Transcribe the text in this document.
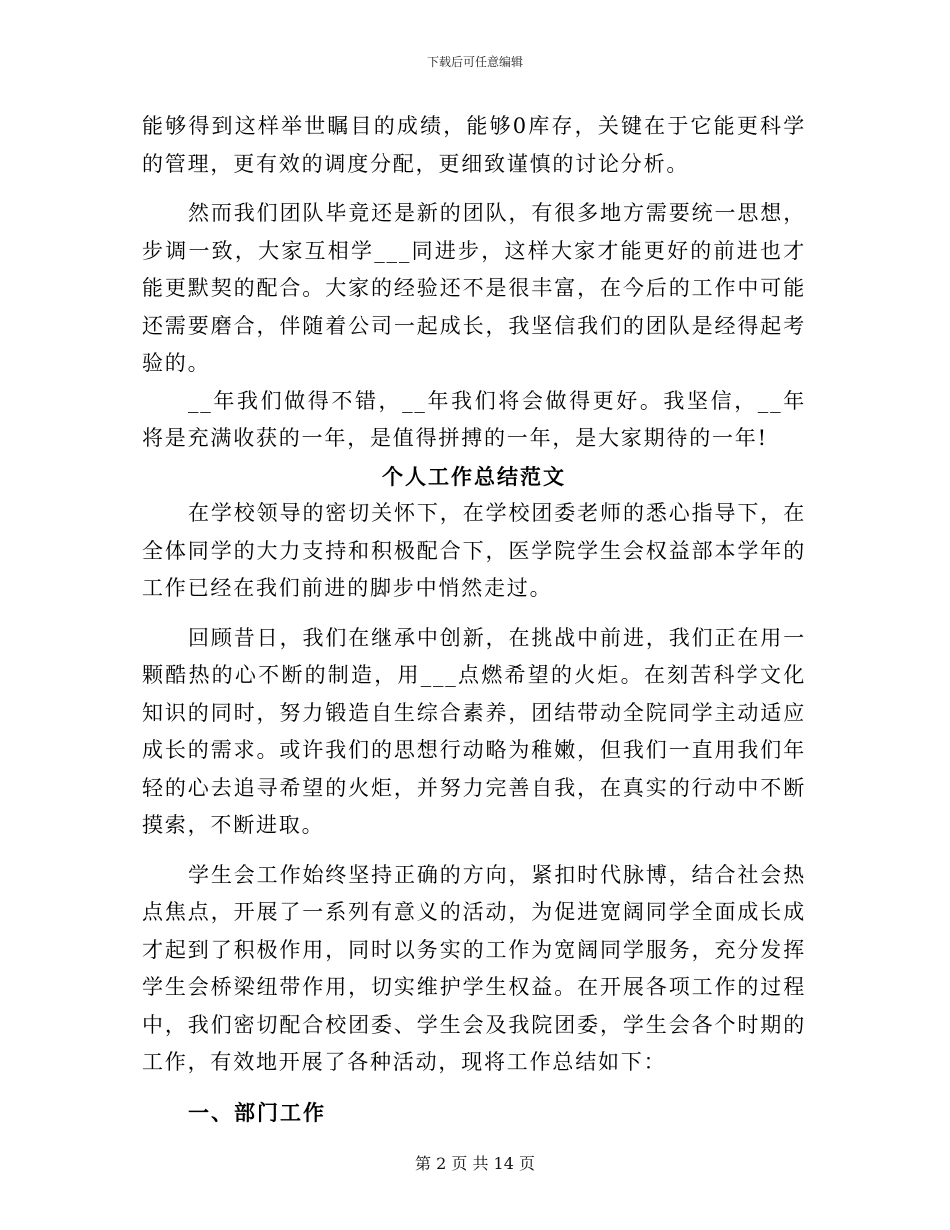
下载后可任意编辑

能够得到这样举世瞩目的成绩，能够0库存，关键在于它能更科学的管理，更有效的调度分配，更细致谨慎的讨论分析。

然而我们团队毕竟还是新的团队，有很多地方需要统一思想，步调一致，大家互相学___同进步，这样大家才能更好的前进也才能更默契的配合。大家的经验还不是很丰富，在今后的工作中可能还需要磨合，伴随着公司一起成长，我坚信我们的团队是经得起考验的。

__年我们做得不错，__年我们将会做得更好。我坚信，__年将是充满收获的一年，是值得拼搏的一年，是大家期待的一年!

个人工作总结范文

在学校领导的密切关怀下，在学校团委老师的悉心指导下，在全体同学的大力支持和积极配合下，医学院学生会权益部本学年的工作已经在我们前进的脚步中悄然走过。

回顾昔日，我们在继承中创新，在挑战中前进，我们正在用一颗酷热的心不断的制造，用___点燃希望的火炬。在刻苦科学文化知识的同时，努力锻造自生综合素养，团结带动全院同学主动适应成长的需求。或许我们的思想行动略为稚嫩，但我们一直用我们年轻的心去追寻希望的火炬，并努力完善自我，在真实的行动中不断摸索，不断进取。

学生会工作始终坚持正确的方向，紧扣时代脉博，结合社会热点焦点，开展了一系列有意义的活动，为促进宽阔同学全面成长成才起到了积极作用，同时以务实的工作为宽阔同学服务，充分发挥学生会桥梁纽带作用，切实维护学生权益。在开展各项工作的过程中，我们密切配合校团委、学生会及我院团委，学生会各个时期的工作，有效地开展了各种活动，现将工作总结如下：

一、部门工作
第 2 页 共 14 页
